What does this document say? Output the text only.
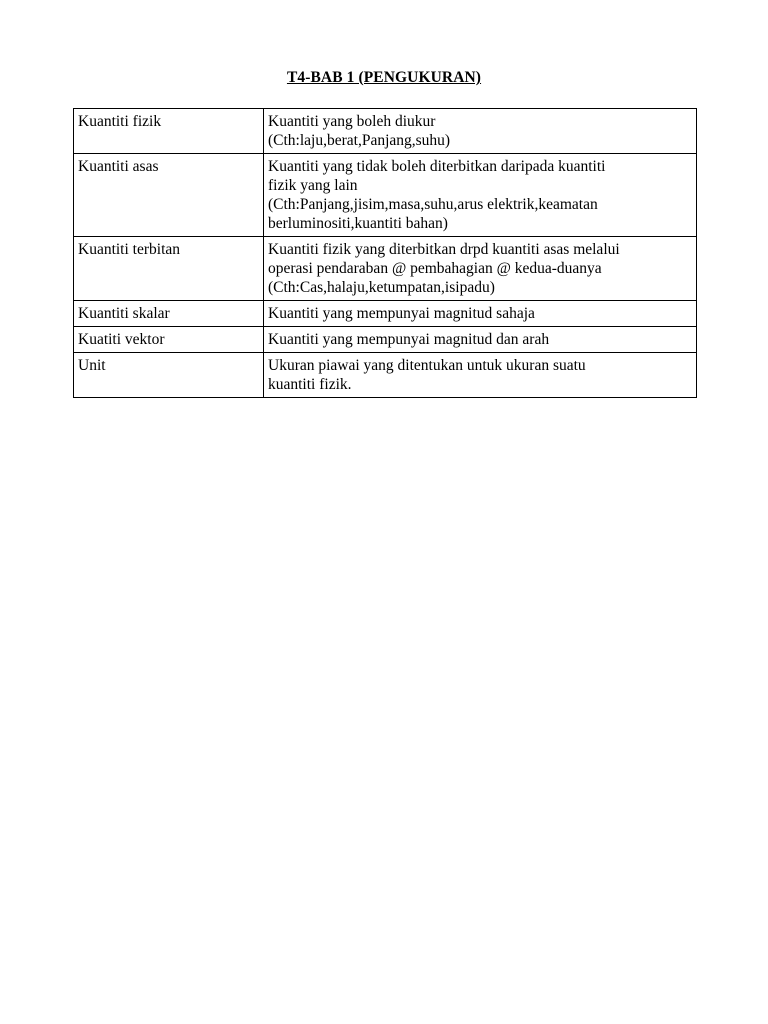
T4-BAB 1 (PENGUKURAN)
Kuantiti fizik	Kuantiti yang boleh diukur
(Cth:laju,berat,Panjang,suhu)

Kuantiti asas	Kuantiti yang tidak boleh diterbitkan daripada kuantiti
fizik yang lain
(Cth:Panjang,jisim,masa,suhu,arus elektrik,keamatan
berluminositi,kuantiti bahan)

Kuantiti terbitan	Kuantiti fizik yang diterbitkan drpd kuantiti asas melalui
operasi pendaraban @ pembahagian @ kedua-duanya
(Cth:Cas,halaju,ketumpatan,isipadu)

Kuantiti skalar	Kuantiti yang mempunyai magnitud sahaja

Kuatiti vektor	Kuantiti yang mempunyai magnitud dan arah

Unit	Ukuran piawai yang ditentukan untuk ukuran suatu
kuantiti fizik.
